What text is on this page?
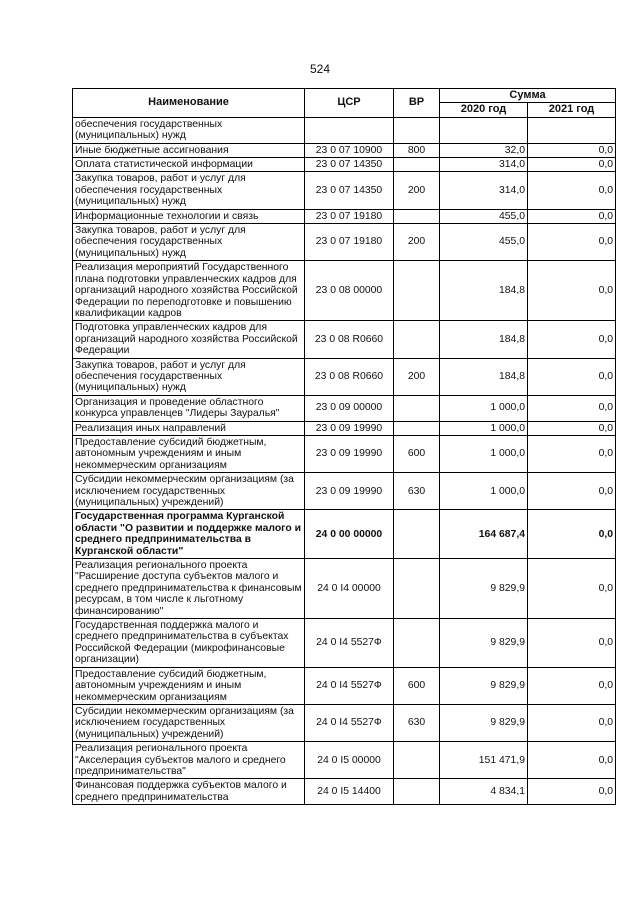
524
Наименование	ЦСР	ВР	Сумма	
			2020 год	2021 год
обеспечения государственных (муниципальных) нужд				
Иные бюджетные ассигнования	23 0 07 10900	800	32,0	0,0
Оплата статистической информации	23 0 07 14350		314,0	0,0
Закупка товаров, работ и услуг для обеспечения государственных (муниципальных) нужд	23 0 07 14350	200	314,0	0,0
Информационные технологии и связь	23 0 07 19180		455,0	0,0
Закупка товаров, работ и услуг для обеспечения государственных (муниципальных) нужд	23 0 07 19180	200	455,0	0,0
Реализация мероприятий Государственного плана подготовки управленческих кадров для организаций народного хозяйства Российской Федерации по переподготовке и повышению квалификации кадров	23 0 08 00000		184,8	0,0
Подготовка управленческих кадров для организаций народного хозяйства Российской Федерации	23 0 08 R0660		184,8	0,0
Закупка товаров, работ и услуг для обеспечения государственных (муниципальных) нужд	23 0 08 R0660	200	184,8	0,0
Организация и проведение областного конкурса управленцев "Лидеры Зауралья"	23 0 09 00000		1 000,0	0,0
Реализация иных направлений	23 0 09 19990		1 000,0	0,0
Предоставление субсидий бюджетным, автономным учреждениям и иным некоммерческим организациям	23 0 09 19990	600	1 000,0	0,0
Субсидии некоммерческим организациям (за исключением государственных (муниципальных) учреждений)	23 0 09 19990	630	1 000,0	0,0
Государственная программа Курганской области "О развитии и поддержке малого и среднего предпринимательства в Курганской области"	24 0 00 00000		164 687,4	0,0
Реализация регионального проекта "Расширение доступа субъектов малого и среднего предпринимательства к финансовым ресурсам, в том числе к льготному финансированию"	24 0 I4 00000		9 829,9	0,0
Государственная поддержка малого и среднего предпринимательства в субъектах Российской Федерации (микрофинансовые организации)	24 0 I4 5527Ф		9 829,9	0,0
Предоставление субсидий бюджетным, автономным учреждениям и иным некоммерческим организациям	24 0 I4 5527Ф	600	9 829,9	0,0
Субсидии некоммерческим организациям (за исключением государственных (муниципальных) учреждений)	24 0 I4 5527Ф	630	9 829,9	0,0
Реализация регионального проекта "Акселерация субъектов малого и среднего предпринимательства"	24 0 I5 00000		151 471,9	0,0
Финансовая поддержка субъектов малого и среднего предпринимательства	24 0 I5 14400		4 834,1	0,0
